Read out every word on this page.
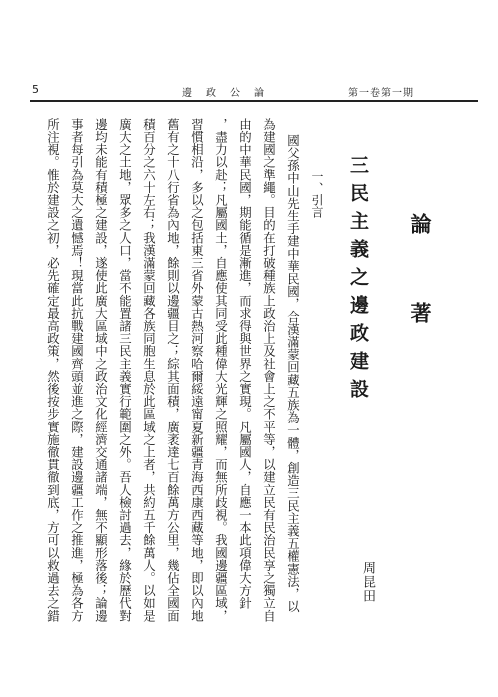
5	邊政公論	第一卷第一期
論
著
三民主義之邊政建設
周昆田
一、引言
國父孫中山先生手建中華民國，合漢滿蒙回藏五族為一體，創造三民主義五權憲法，以
為建國之準繩。目的在打破種族上政治上及社會上之不平等，以建立民有民治民享之獨立自
由的中華民國，期能循是漸進，而求得與世界之實現。凡屬國人，自應一本此項偉大方針
，盡力以赴；凡屬國土，自應使其同受此種偉大光輝之照耀，而無所歧視。我國邊疆區域，
習慣相沿，多以之包括東三省外蒙古熱河察哈爾綏遠甯夏新疆青海西康西藏等地，即以內地
舊有之十八行省為內地，餘則以邊疆目之；綜其面積，廣袤達七百餘萬方公里，幾佔全國面
積百分之六十左右；我漢滿蒙回藏各族同胞生息於此區域之上者，共約五千餘萬人。以如是
廣大之土地，眾多之人口，當不能置諸三民主義實行範圍之外。吾人檢討過去，緣於歷代對
邊均未能有積極之建設，遂使此廣大區域中之政治文化經濟交通諸端，無不顯形落後；論邊
事者每引為莫大之遺憾焉！現當此抗戰建國齊頭並進之際，建設邊疆工作之推進，極為各方
所注視。惟於建設之初，必先確定最高政策，然後按步實施徹貫徹到底，方可以救過去之錯
